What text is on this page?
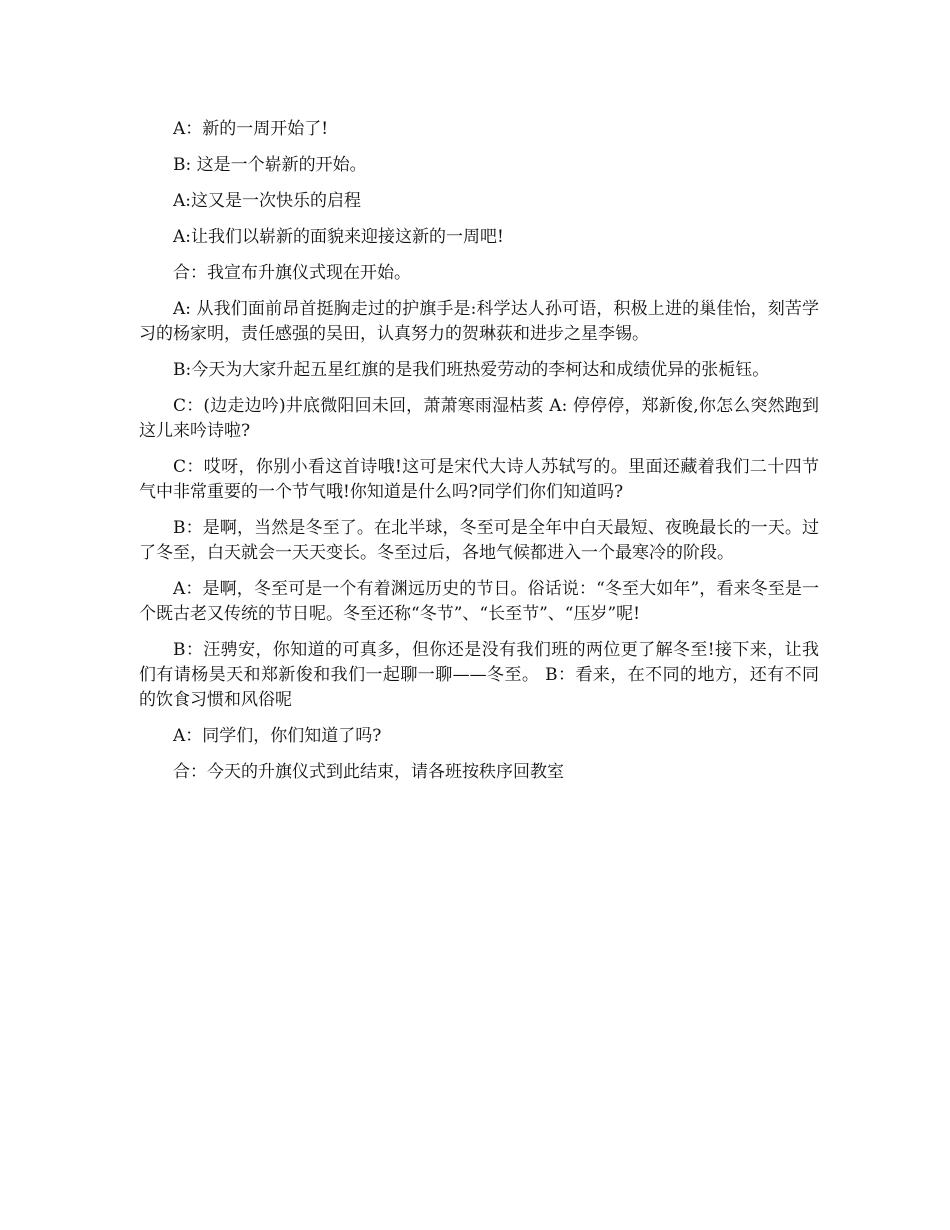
A：新的一周开始了!

B: 这是一个崭新的开始。

A:这又是一次快乐的启程

A:让我们以崭新的面貌来迎接这新的一周吧!

合：我宣布升旗仪式现在开始。

A: 从我们面前昂首挺胸走过的护旗手是:科学达人孙可语，积极上进的巢佳怡，刻苦学习的杨家明，责任感强的吴田，认真努力的贺琳荻和进步之星李锡。

B:今天为大家升起五星红旗的是我们班热爱劳动的李柯达和成绩优异的张栀钰。

C：(边走边吟)井底微阳回未回，萧萧寒雨湿枯荄 A: 停停停，郑新俊,你怎么突然跑到这儿来吟诗啦?

C：哎呀，你别小看这首诗哦!这可是宋代大诗人苏轼写的。里面还藏着我们二十四节气中非常重要的一个节气哦!你知道是什么吗?同学们你们知道吗?

B：是啊，当然是冬至了。在北半球，冬至可是全年中白天最短、夜晚最长的一天。过了冬至，白天就会一天天变长。冬至过后，各地气候都进入一个最寒冷的阶段。

A：是啊，冬至可是一个有着渊远历史的节日。俗话说：“冬至大如年”，看来冬至是一个既古老又传统的节日呢。冬至还称“冬节”、“长至节”、“压岁”呢!

B：汪骋安，你知道的可真多，但你还是没有我们班的两位更了解冬至!接下来，让我们有请杨昊天和郑新俊和我们一起聊一聊——冬至。 B：看来，在不同的地方，还有不同的饮食习惯和风俗呢

A：同学们，你们知道了吗?

合：今天的升旗仪式到此结束，请各班按秩序回教室
